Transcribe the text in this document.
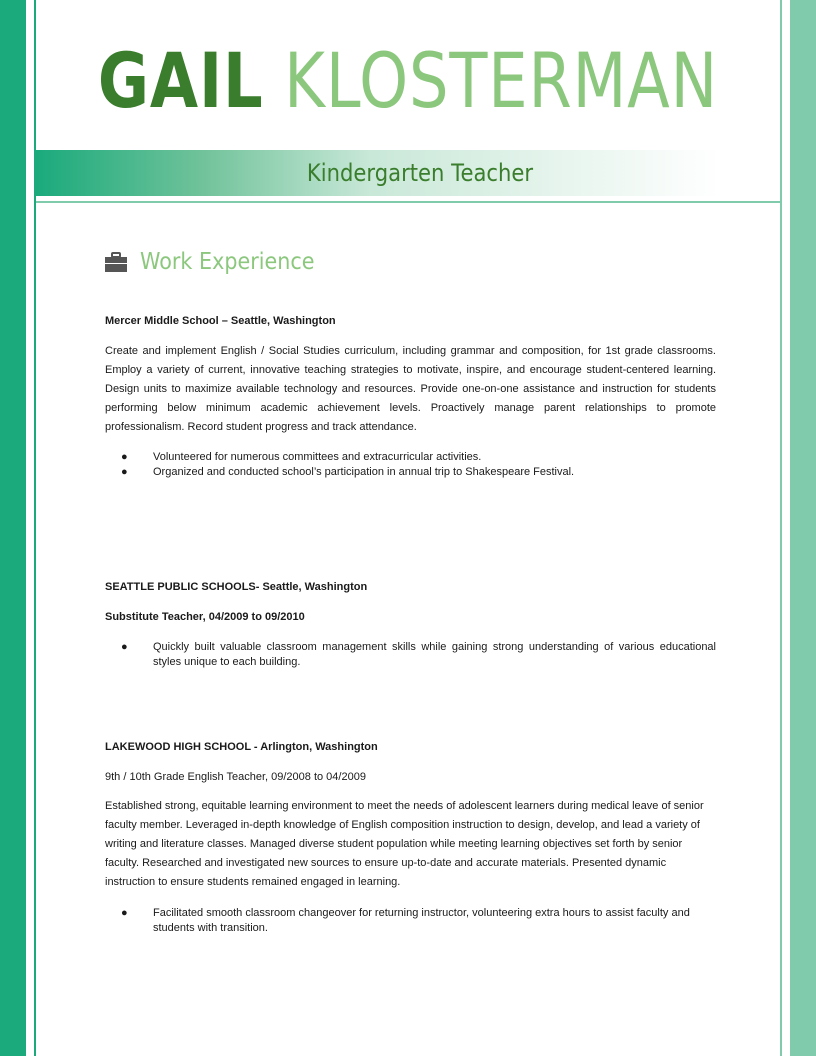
GAIL KLOSTERMAN
Kindergarten Teacher
Work Experience
Mercer Middle School – Seattle, Washington
Create and implement English / Social Studies curriculum, including grammar and composition, for 1st grade classrooms. Employ a variety of current, innovative teaching strategies to motivate, inspire, and encourage student-centered learning. Design units to maximize available technology and resources. Provide one-on-one assistance and instruction for students performing below minimum academic achievement levels. Proactively manage parent relationships to promote professionalism. Record student progress and track attendance.
● Volunteered for numerous committees and extracurricular activities.
● Organized and conducted school’s participation in annual trip to Shakespeare Festival.
SEATTLE PUBLIC SCHOOLS- Seattle, Washington
Substitute Teacher, 04/2009 to 09/2010
● Quickly built valuable classroom management skills while gaining strong understanding of various educational styles unique to each building.
LAKEWOOD HIGH SCHOOL - Arlington, Washington
9th / 10th Grade English Teacher, 09/2008 to 04/2009
Established strong, equitable learning environment to meet the needs of adolescent learners during medical leave of senior faculty member. Leveraged in-depth knowledge of English composition instruction to design, develop, and lead a variety of writing and literature classes. Managed diverse student population while meeting learning objectives set forth by senior faculty. Researched and investigated new sources to ensure up-to-date and accurate materials. Presented dynamic instruction to ensure students remained engaged in learning.
● Facilitated smooth classroom changeover for returning instructor, volunteering extra hours to assist faculty and students with transition.
